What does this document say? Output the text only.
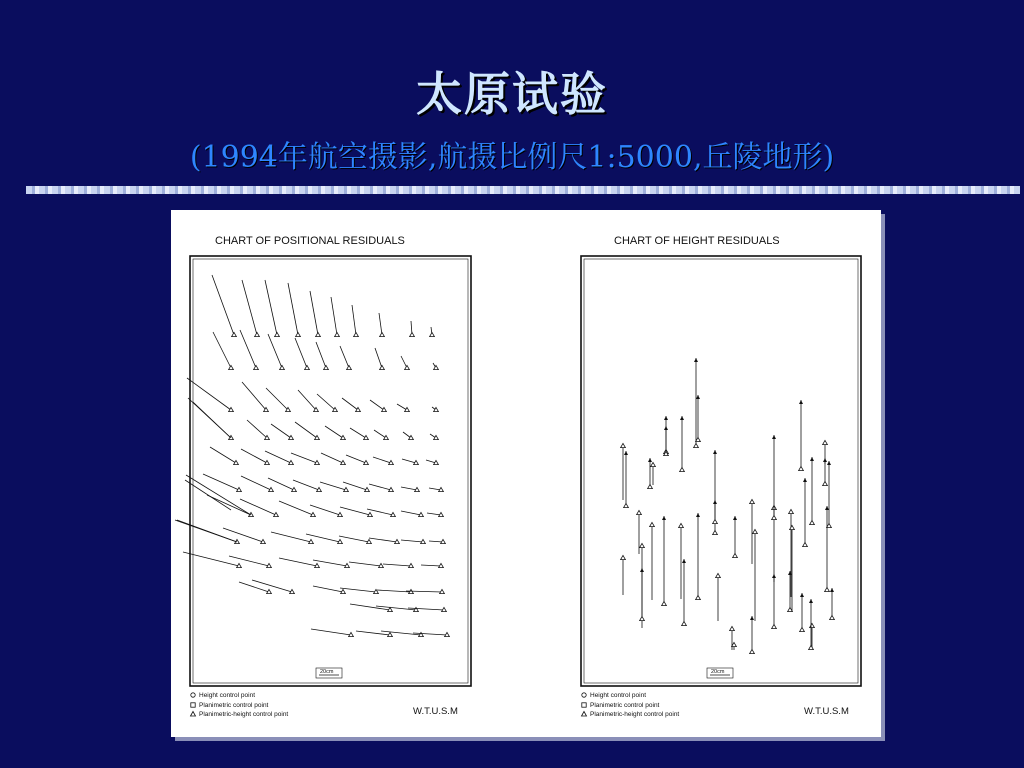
太原试验
(1994年航空摄影,航摄比例尺1:5000,丘陵地形)
CHART OF POSITIONAL RESIDUALS
20cm
Height control point
Planimetric control point
Planimetric-height control point	W.T.U.S.M
CHART OF HEIGHT RESIDUALS
20cm
Height control point
Planimetric control point
Planimetric-height control point	W.T.U.S.M
